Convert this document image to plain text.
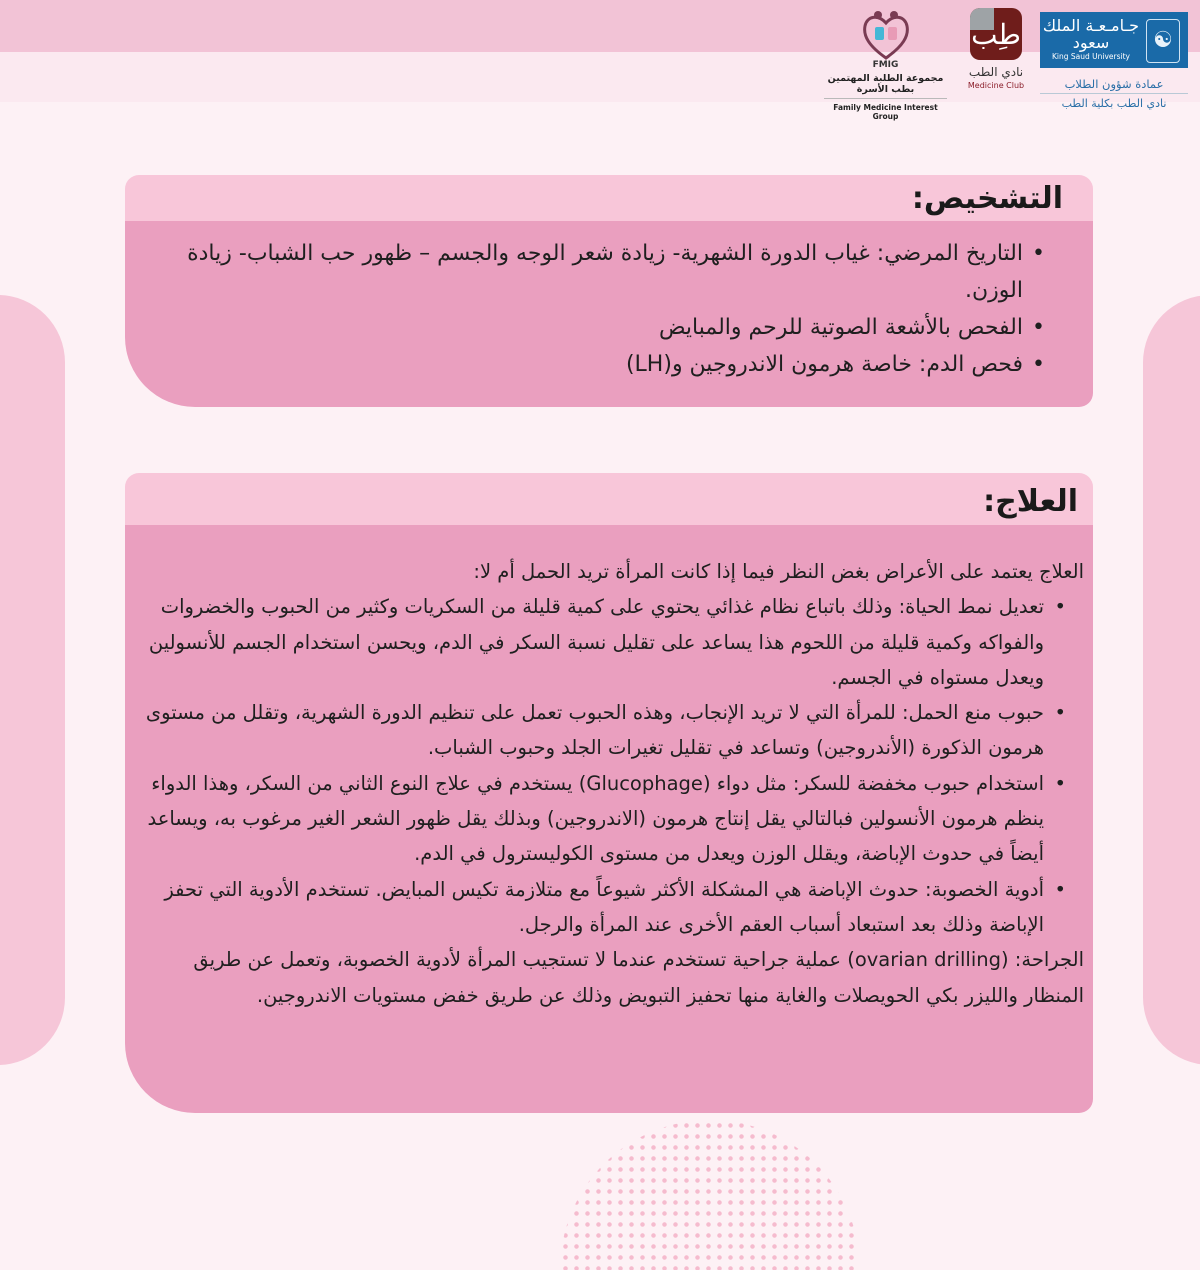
FMIG
مجموعة الطلبة المهتمين بطب الأسرة
Family Medicine Interest Group
طِب
نادي الطب
Medicine Club
جـامـعـة الملك سعود
King Saud University
☯
عمادة شؤون الطلاب
نادي الطب بكلية الطب
التشخيص:
• التاريخ المرضي: غياب الدورة الشهرية- زيادة شعر الوجه والجسم – ظهور حب الشباب- زيادة الوزن.
• الفحص بالأشعة الصوتية للرحم والمبايض
• فحص الدم: خاصة هرمون الاندروجين و(LH)
العلاج:

العلاج يعتمد على الأعراض بغض النظر فيما إذا كانت المرأة تريد الحمل أم لا:

• تعديل نمط الحياة: وذلك باتباع نظام غذائي يحتوي على كمية قليلة من السكريات وكثير من الحبوب والخضروات والفواكه وكمية قليلة من اللحوم هذا يساعد على تقليل نسبة السكر في الدم، ويحسن استخدام الجسم للأنسولين ويعدل مستواه في الجسم.
• حبوب منع الحمل: للمرأة التي لا تريد الإنجاب، وهذه الحبوب تعمل على تنظيم الدورة الشهرية، وتقلل من مستوى هرمون الذكورة (الأندروجين) وتساعد في تقليل تغيرات الجلد وحبوب الشباب.
• استخدام حبوب مخفضة للسكر: مثل دواء (Glucophage) يستخدم في علاج النوع الثاني من السكر، وهذا الدواء ينظم هرمون الأنسولين فبالتالي يقل إنتاج هرمون (الاندروجين) وبذلك يقل ظهور الشعر الغير مرغوب به، ويساعد أيضاً في حدوث الإباضة، ويقلل الوزن ويعدل من مستوى الكوليسترول في الدم.
• أدوية الخصوبة: حدوث الإباضة هي المشكلة الأكثر شيوعاً مع متلازمة تكيس المبايض. تستخدم الأدوية التي تحفز الإباضة وذلك بعد استبعاد أسباب العقم الأخرى عند المرأة والرجل.

الجراحة: (ovarian drilling) عملية جراحية تستخدم عندما لا تستجيب المرأة لأدوية الخصوبة، وتعمل عن طريق المنظار والليزر بكي الحويصلات والغاية منها تحفيز التبويض وذلك عن طريق خفض مستويات الاندروجين.
